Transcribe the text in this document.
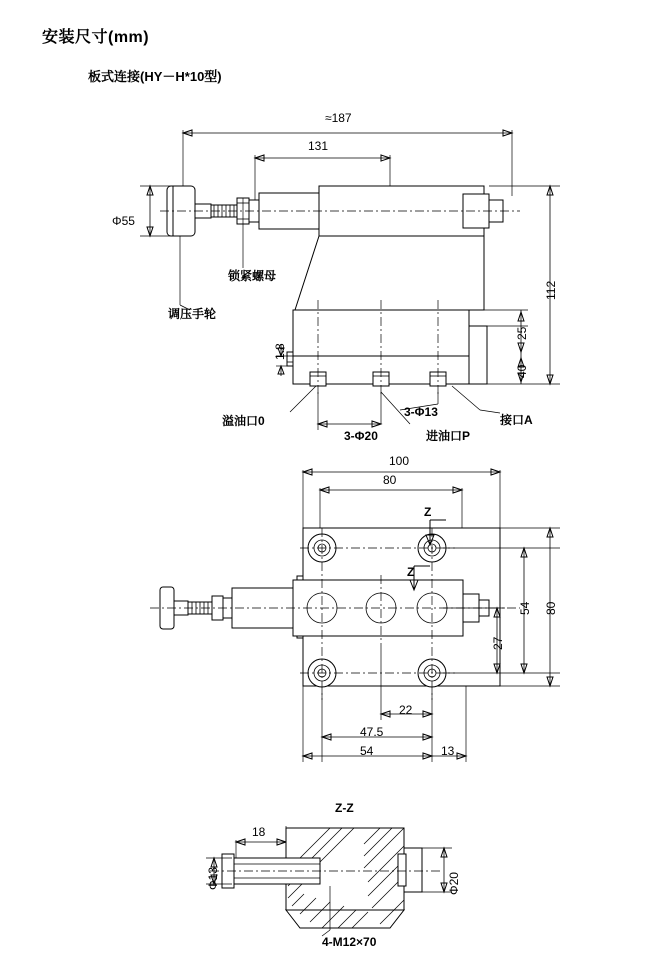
安装尺寸(mm)
板式连接(HY－H*10型)
≈187
131
Φ55
112
25
40
1.8
锁紧螺母
调压手轮
溢油口0
3-Φ20
3-Φ13
进油口P
接口A
100
80
80
54
27
22
47.5
54	13
Z
Z
Z-Z
18
Φ13	Φ20
4-M12×70
